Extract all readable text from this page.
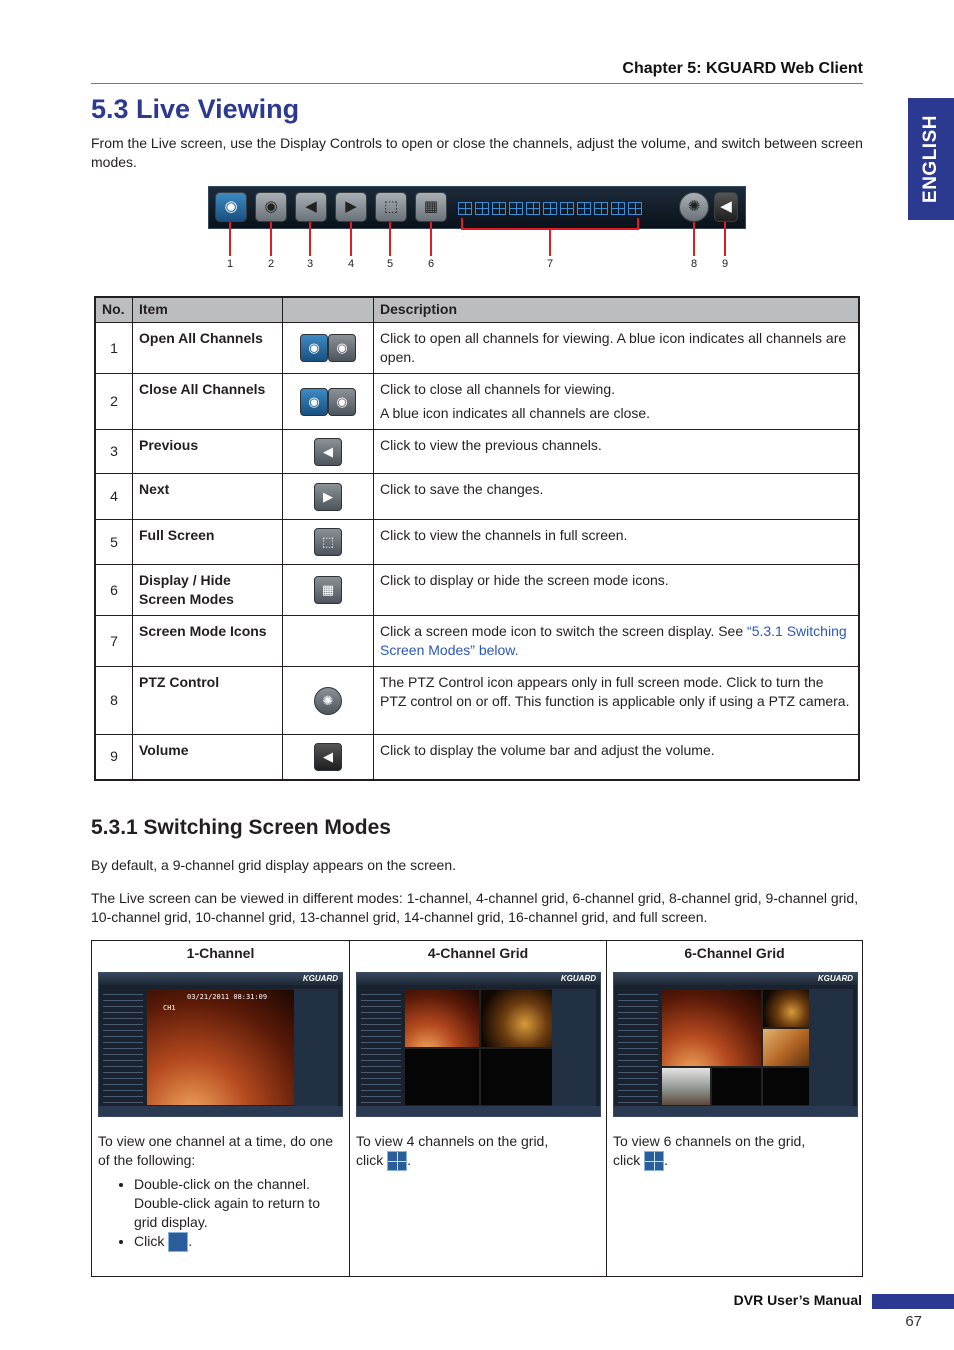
Chapter 5: KGUARD Web Client
ENGLISH
5.3 Live Viewing

From the Live screen, use the Display Controls to open or close the channels, adjust the volume, and switch between screen modes.

◉	◉	◀	▶	⬚	▦	✺	◀
1	2	3	4	5	6	7	8	9
No.	Item		Description
1	Open All Channels	◉ ◉	Click to open all channels for viewing. A blue icon indicates all channels are open.
2	Close All Channels	◉ ◉	Click to close all channels for viewing.

A blue icon indicates all channels are close.

3	Previous	◀	Click to view the previous channels.
4	Next	▶	Click to save the changes.
5	Full Screen	⬚	Click to view the channels in full screen.
6	Display / Hide Screen Modes	▦	Click to display or hide the screen mode icons.
7	Screen Mode Icons		Click a screen mode icon to switch the screen display. See “5.3.1 Switching Screen Modes” below.
8	PTZ Control	✺	The PTZ Control icon appears only in full screen mode. Click to turn the PTZ control on or off. This function is applicable only if using a PTZ camera.
9	Volume	◀	Click to display the volume bar and adjust the volume.
5.3.1 Switching Screen Modes

By default, a 9-channel grid display appears on the screen.

The Live screen can be viewed in different modes: 1-channel, 4-channel grid, 6-channel grid, 8-channel grid, 9-channel grid, 10-channel grid, 10-channel grid, 13-channel grid, 14-channel grid, 16-channel grid, and full screen.

1-Channel
KGUARD
03/21/2011 08:31:09
CH1
To view one channel at a time, do one of the following:
• Double-click on the channel. Double-click again to return to grid display.
• Click .
4-Channel Grid
KGUARD
To view 4 channels on the grid,
click .
6-Channel Grid
KGUARD
To view 6 channels on the grid,
click .
DVR User’s Manual
67
